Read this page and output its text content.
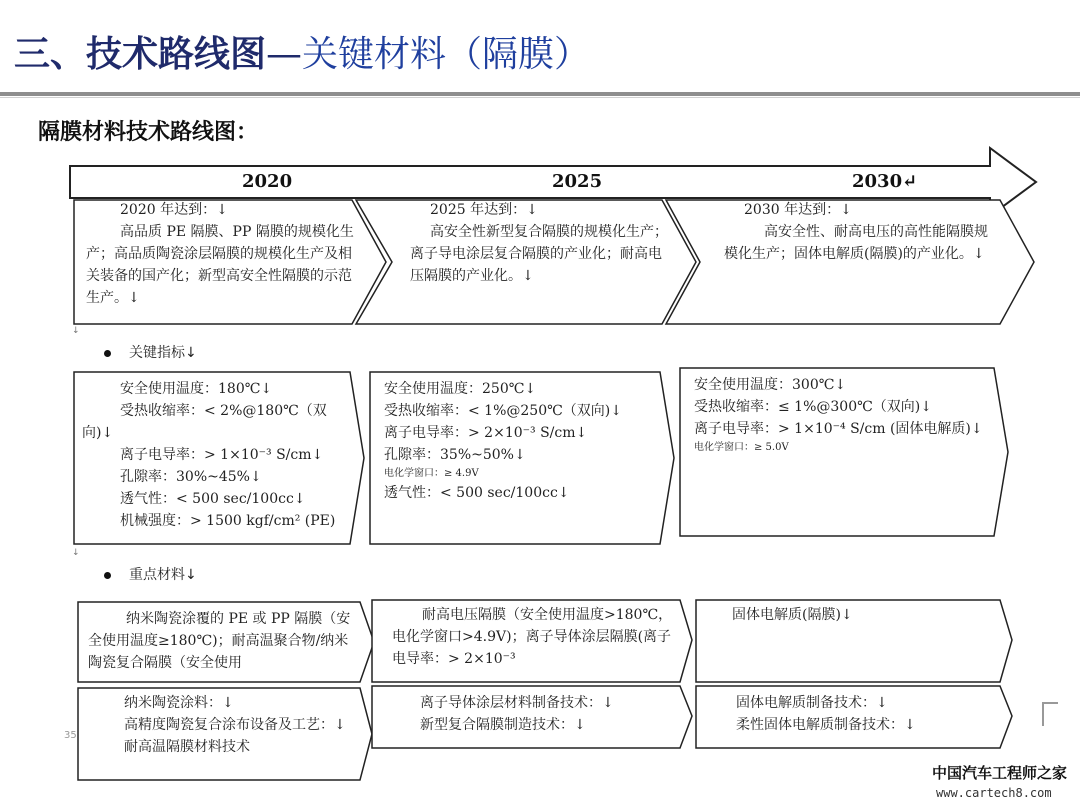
三、技术路线图—关键材料（隔膜）
隔膜材料技术路线图：
2020	2025	2030↵

2020 年达到：↓

高品质 PE 隔膜、PP 隔膜的规模化生产；高品质陶瓷涂层隔膜的规模化生产及相关装备的国产化；新型高安全性隔膜的示范生产。↓

2025 年达到：↓

高安全性新型复合隔膜的规模化生产；离子导电涂层复合隔膜的产业化；耐高电压隔膜的产业化。↓

2030 年达到：↓

高安全性、耐高电压的高性能隔膜规模化生产；固体电解质(隔膜)的产业化。↓

↓
关键指标↓

安全使用温度：180℃↓

受热收缩率：< 2%@180℃（双向)↓

离子电导率：> 1×10⁻³ S/cm↓

孔隙率：30%~45%↓

透气性：< 500 sec/100cc↓

机械强度：> 1500 kgf/cm² (PE)

安全使用温度：250℃↓

受热收缩率：< 1%@250℃（双向)↓

离子电导率：> 2×10⁻³ S/cm↓

孔隙率：35%~50%↓

电化学窗口：≥ 4.9V

透气性：< 500 sec/100cc↓

安全使用温度：300℃↓

受热收缩率：≤ 1%@300℃（双向)↓

离子电导率：> 1×10⁻⁴ S/cm (固体电解质)↓

电化学窗口：≥ 5.0V

↓
重点材料↓

纳米陶瓷涂覆的 PE 或 PP 隔膜（安全使用温度≥180℃)；耐高温聚合物/纳米陶瓷复合隔膜（安全使用

耐高电压隔膜（安全使用温度>180℃，电化学窗口>4.9V)；离子导体涂层隔膜(离子电导率：> 2×10⁻³

固体电解质(隔膜)↓

纳米陶瓷涂料：↓

高精度陶瓷复合涂布设备及工艺：↓

耐高温隔膜材料技术

离子导体涂层材料制备技术：↓

新型复合隔膜制造技术：↓

固体电解质制备技术：↓

柔性固体电解质制备技术：↓

35
中国汽车工程师之家
www.cartech8.com
